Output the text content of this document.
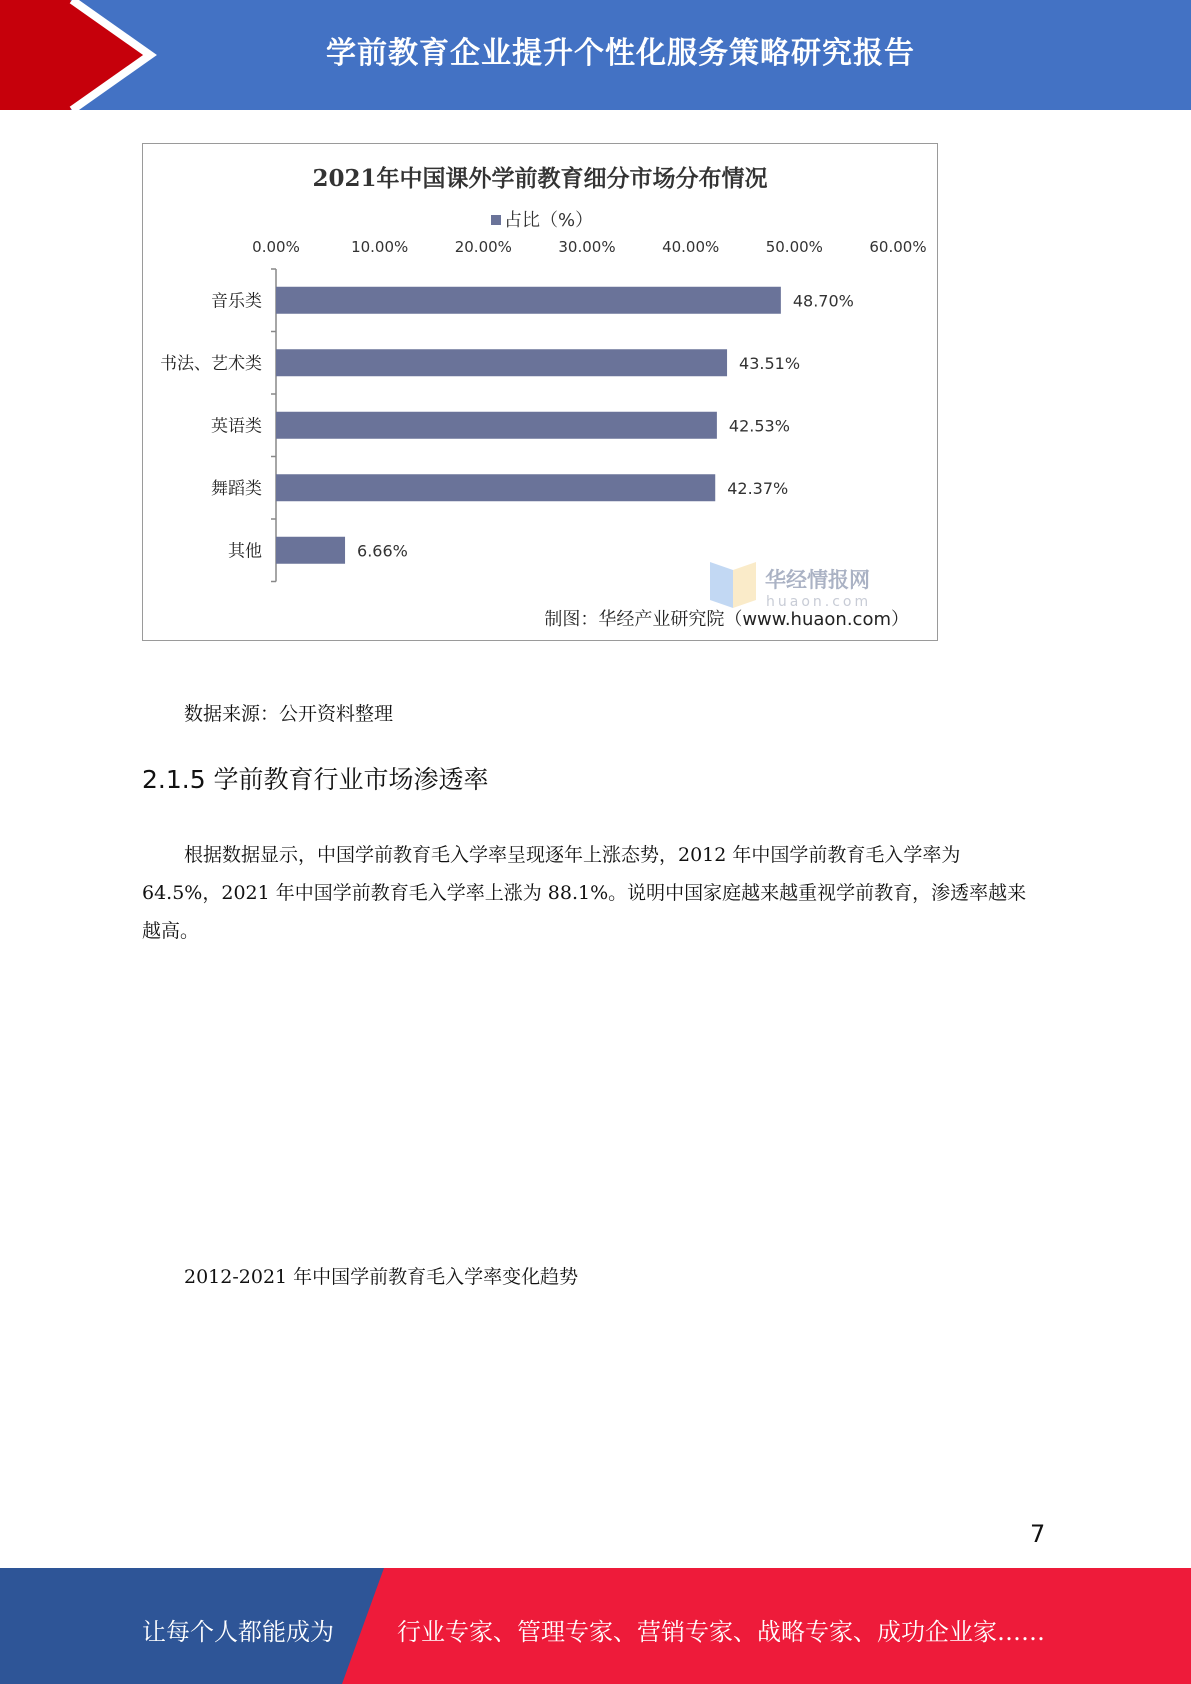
学前教育企业提升个性化服务策略研究报告
2021年中国课外学前教育细分市场分布情况
占比（%）
0.00%	10.00%	20.00%	30.00%	40.00%	50.00%	60.00%
音乐类	48.70%
书法、艺术类	43.51%
英语类	42.53%
舞蹈类	42.37%
其他	6.66%
华经情报网
huaon.com
制图：华经产业研究院（www.huaon.com）
数据来源：公开资料整理
2.1.5 学前教育行业市场渗透率
根据数据显示，中国学前教育毛入学率呈现逐年上涨态势，2012 年中国学前教育毛入学率为 64.5%，2021 年中国学前教育毛入学率上涨为 88.1%。说明中国家庭越来越重视学前教育，渗透率越来越高。
2012-2021 年中国学前教育毛入学率变化趋势
7
让每个人都能成为	行业专家、管理专家、营销专家、战略专家、成功企业家……
